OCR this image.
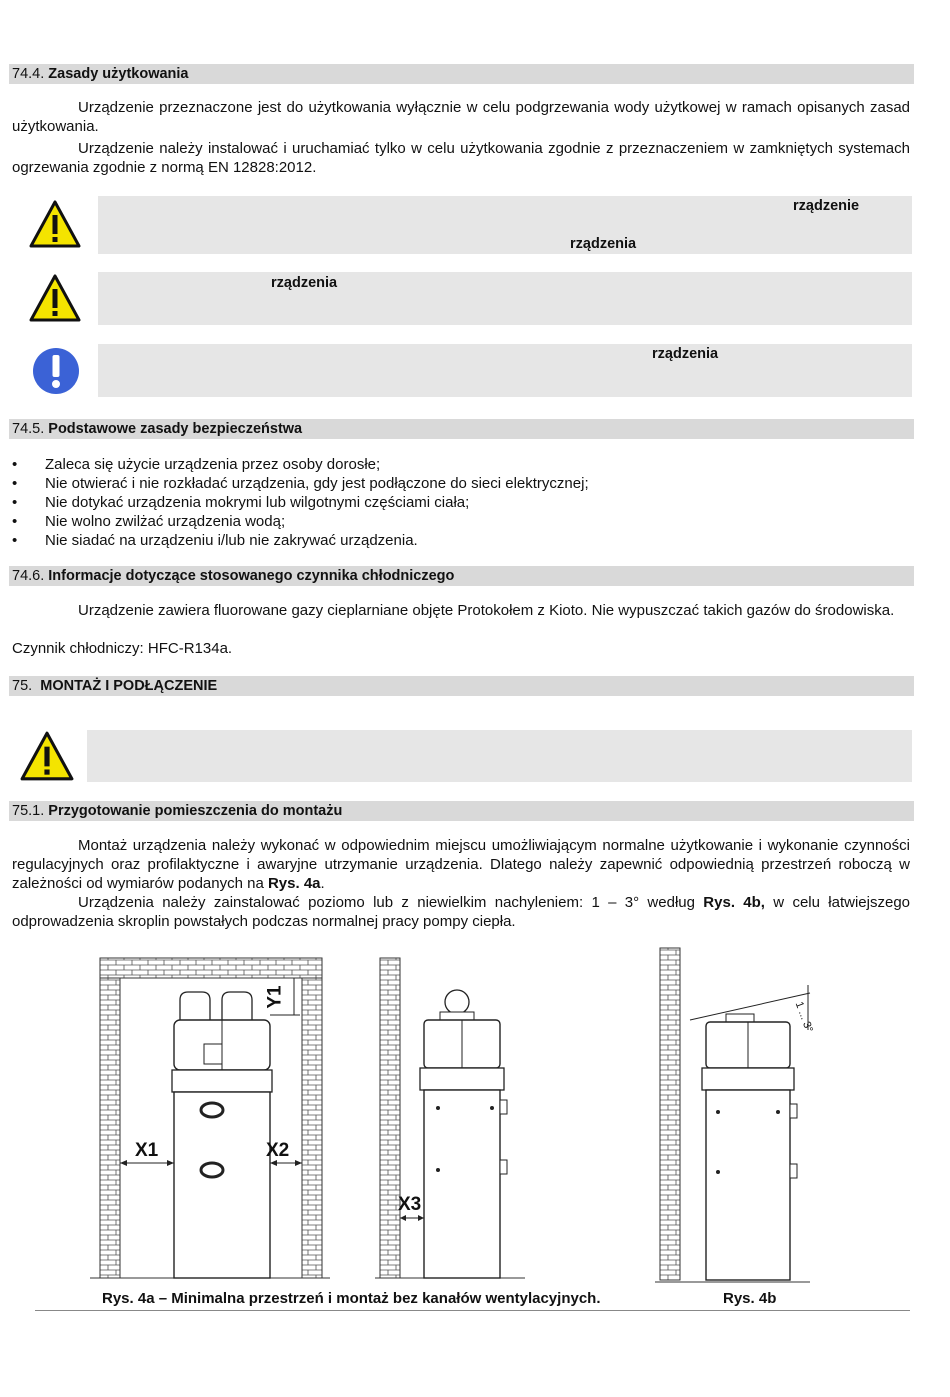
74.4. Zasady użytkowania
Urządzenie przeznaczone jest do użytkowania wyłącznie w celu podgrzewania wody użytkowej w ramach opisanych zasad użytkowania.
Urządzenie należy instalować i uruchamiać tylko w celu użytkowania zgodnie z przeznaczeniem w zamkniętych systemach ogrzewania zgodnie z normą EN 12828:2012.
rządzenie
rządzenia
rządzenia
rządzenia
74.5. Podstawowe zasady bezpieczeństwa
• Zaleca się użycie urządzenia przez osoby dorosłe;
• Nie otwierać i nie rozkładać urządzenia, gdy jest podłączone do sieci elektrycznej;
• Nie dotykać urządzenia mokrymi lub wilgotnymi częściami ciała;
• Nie wolno zwilżać urządzenia wodą;
• Nie siadać na urządzeniu i/lub nie zakrywać urządzenia.
74.6. Informacje dotyczące stosowanego czynnika chłodniczego
Urządzenie zawiera fluorowane gazy cieplarniane objęte Protokołem z Kioto. Nie wypuszczać takich gazów do środowiska.
Czynnik chłodniczy: HFC-R134a.
75. MONTAŻ I PODŁĄCZENIE
75.1. Przygotowanie pomieszczenia do montażu
Montaż urządzenia należy wykonać w odpowiednim miejscu umożliwiającym normalne użytkowanie i wykonanie czynności regulacyjnych oraz profilaktyczne i awaryjne utrzymanie urządzenia. Dlatego należy zapewnić odpowiednią przestrzeń roboczą w zależności od wymiarów podanych na Rys. 4a.
Urządzenia należy zainstalować poziomo lub z niewielkim nachyleniem: 1 – 3° według Rys. 4b, w celu łatwiejszego odprowadzenia skroplin powstałych podczas normalnej pracy pompy ciepła.
X1	X2
X3
Y1
1 ... 3°
Rys. 4a – Minimalna przestrzeń i montaż bez kanałów wentylacyjnych.	Rys. 4b
